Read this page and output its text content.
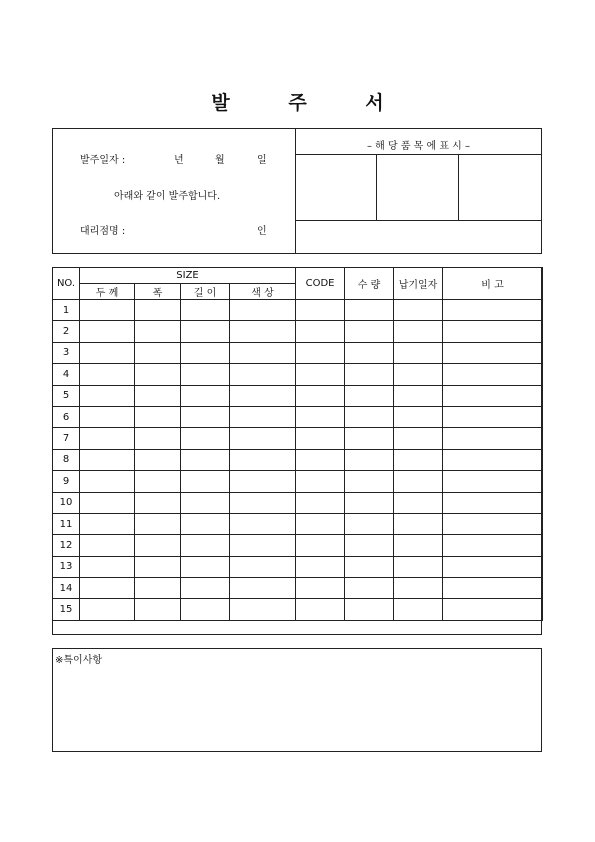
발 주 서
발주일자 :	년	월	일
아래와 같이 발주합니다.
대리점명 :	인
– 해 당 품 목 에 표 시 –
NO.	SIZE				CODE	수 량	납기일자	비 고
	두 께	폭	길 이	색 상				
1								
2								
3								
4								
5								
6								
7								
8								
9								
10								
11								
12								
13								
14								
15								
※특이사항
